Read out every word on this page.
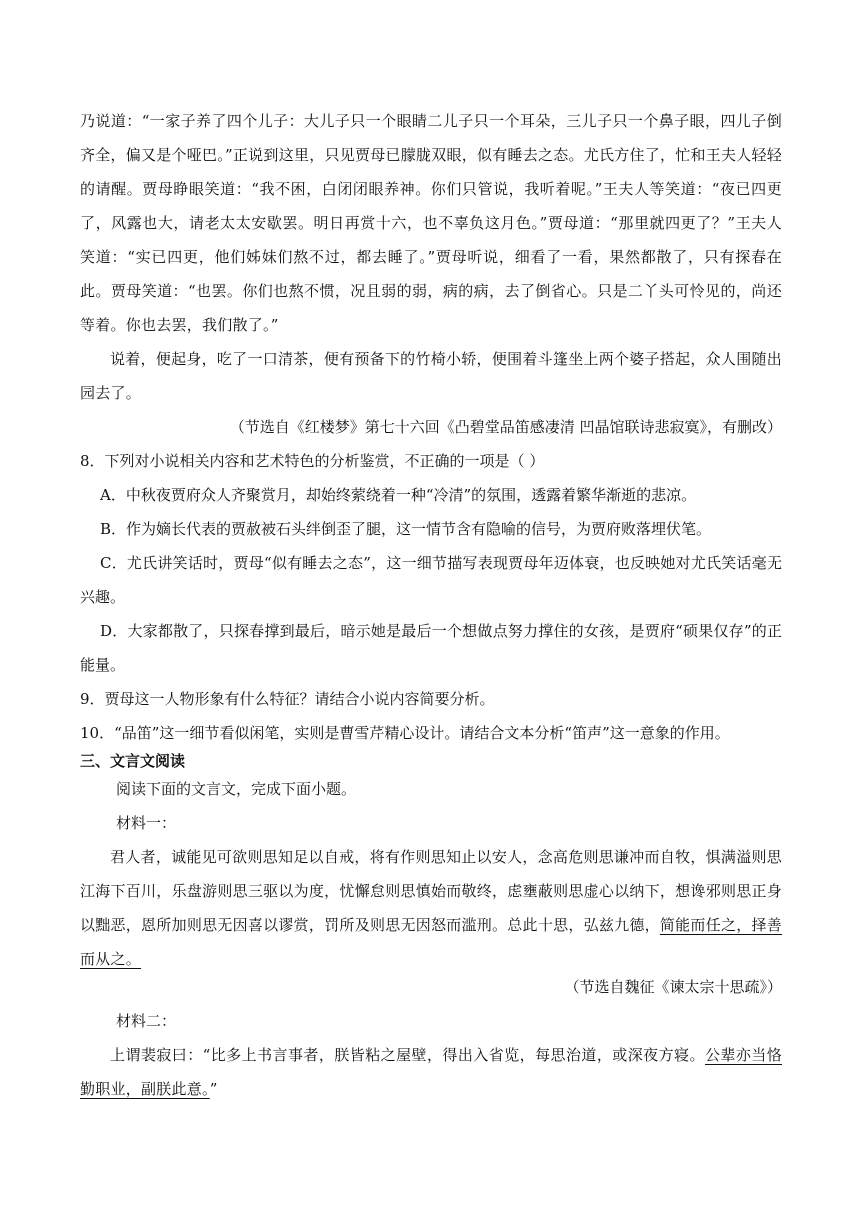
乃说道：“一家子养了四个儿子：大儿子只一个眼睛二儿子只一个耳朵，三儿子只一个鼻子眼，四儿子倒齐全，偏又是个哑巴。”正说到这里，只见贾母已朦胧双眼，似有睡去之态。尤氏方住了，忙和王夫人轻轻的请醒。贾母睁眼笑道：“我不困，白闭闭眼养神。你们只管说，我听着呢。”王夫人等笑道：“夜已四更了，风露也大，请老太太安歇罢。明日再赏十六，也不辜负这月色。”贾母道：“那里就四更了？”王夫人笑道：“实已四更，他们姊妹们熬不过，都去睡了。”贾母听说，细看了一看，果然都散了，只有探春在此。贾母笑道：“也罢。你们也熬不惯，况且弱的弱，病的病，去了倒省心。只是二丫头可怜见的，尚还等着。你也去罢，我们散了。”

说着，便起身，吃了一口清茶，便有预备下的竹椅小轿，便围着斗篷坐上两个婆子搭起，众人围随出园去了。

（节选自《红楼梦》第七十六回《凸碧堂品笛感凄清 凹晶馆联诗悲寂寞》，有删改）

8．下列对小说相关内容和艺术特色的分析鉴赏，不正确的一项是（ ）

A．中秋夜贾府众人齐聚赏月，却始终萦绕着一种“冷清”的氛围，透露着繁华渐逝的悲凉。

B．作为嫡长代表的贾赦被石头绊倒歪了腿，这一情节含有隐喻的信号，为贾府败落埋伏笔。

C．尤氏讲笑话时，贾母“似有睡去之态”，这一细节描写表现贾母年迈体衰，也反映她对尤氏笑话毫无兴趣。

D．大家都散了，只探春撑到最后，暗示她是最后一个想做点努力撑住的女孩，是贾府“硕果仅存”的正能量。

9．贾母这一人物形象有什么特征？请结合小说内容简要分析。

10．“品笛”这一细节看似闲笔，实则是曹雪芹精心设计。请结合文本分析“笛声”这一意象的作用。

三、文言文阅读

阅读下面的文言文，完成下面小题。

材料一：

君人者，诚能见可欲则思知足以自戒，将有作则思知止以安人，念高危则思谦冲而自牧，惧满溢则思江海下百川，乐盘游则思三驱以为度，忧懈怠则思慎始而敬终，虑壅蔽则思虚心以纳下，想谗邪则思正身以黜恶，恩所加则思无因喜以谬赏，罚所及则思无因怒而滥刑。总此十思，弘兹九德，简能而任之，择善而从之。

（节选自魏征《谏太宗十思疏》）

材料二：

上谓裴寂曰：“比多上书言事者，朕皆粘之屋壁，得出入省览，每思治道，或深夜方寝。公辈亦当恪勤职业，副朕此意。”
